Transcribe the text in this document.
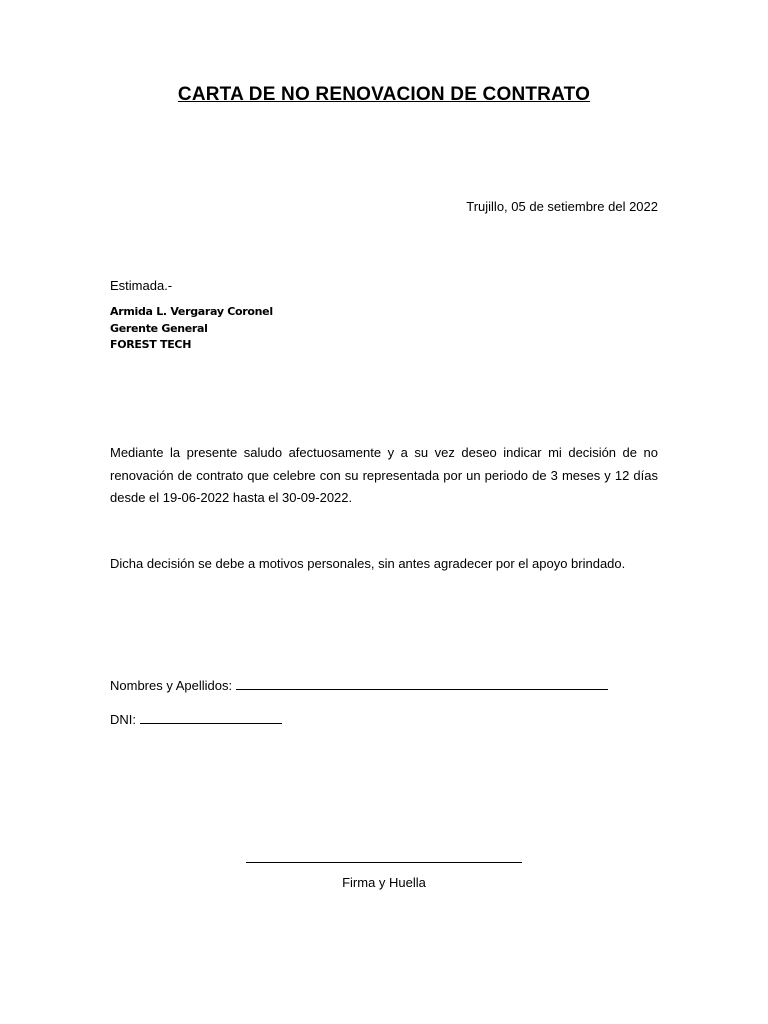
CARTA DE NO RENOVACION DE CONTRATO
Trujillo, 05 de setiembre del 2022
Estimada.-
Armida L. Vergaray Coronel
Gerente General
FOREST TECH

Mediante la presente saludo afectuosamente y a su vez deseo indicar mi decisión de no renovación de contrato que celebre con su representada por un periodo de 3 meses y 12 días desde el 19-06-2022 hasta el 30-09-2022.

Dicha decisión se debe a motivos personales, sin antes agradecer por el apoyo brindado.

Nombres y Apellidos:
DNI:
Firma y Huella
